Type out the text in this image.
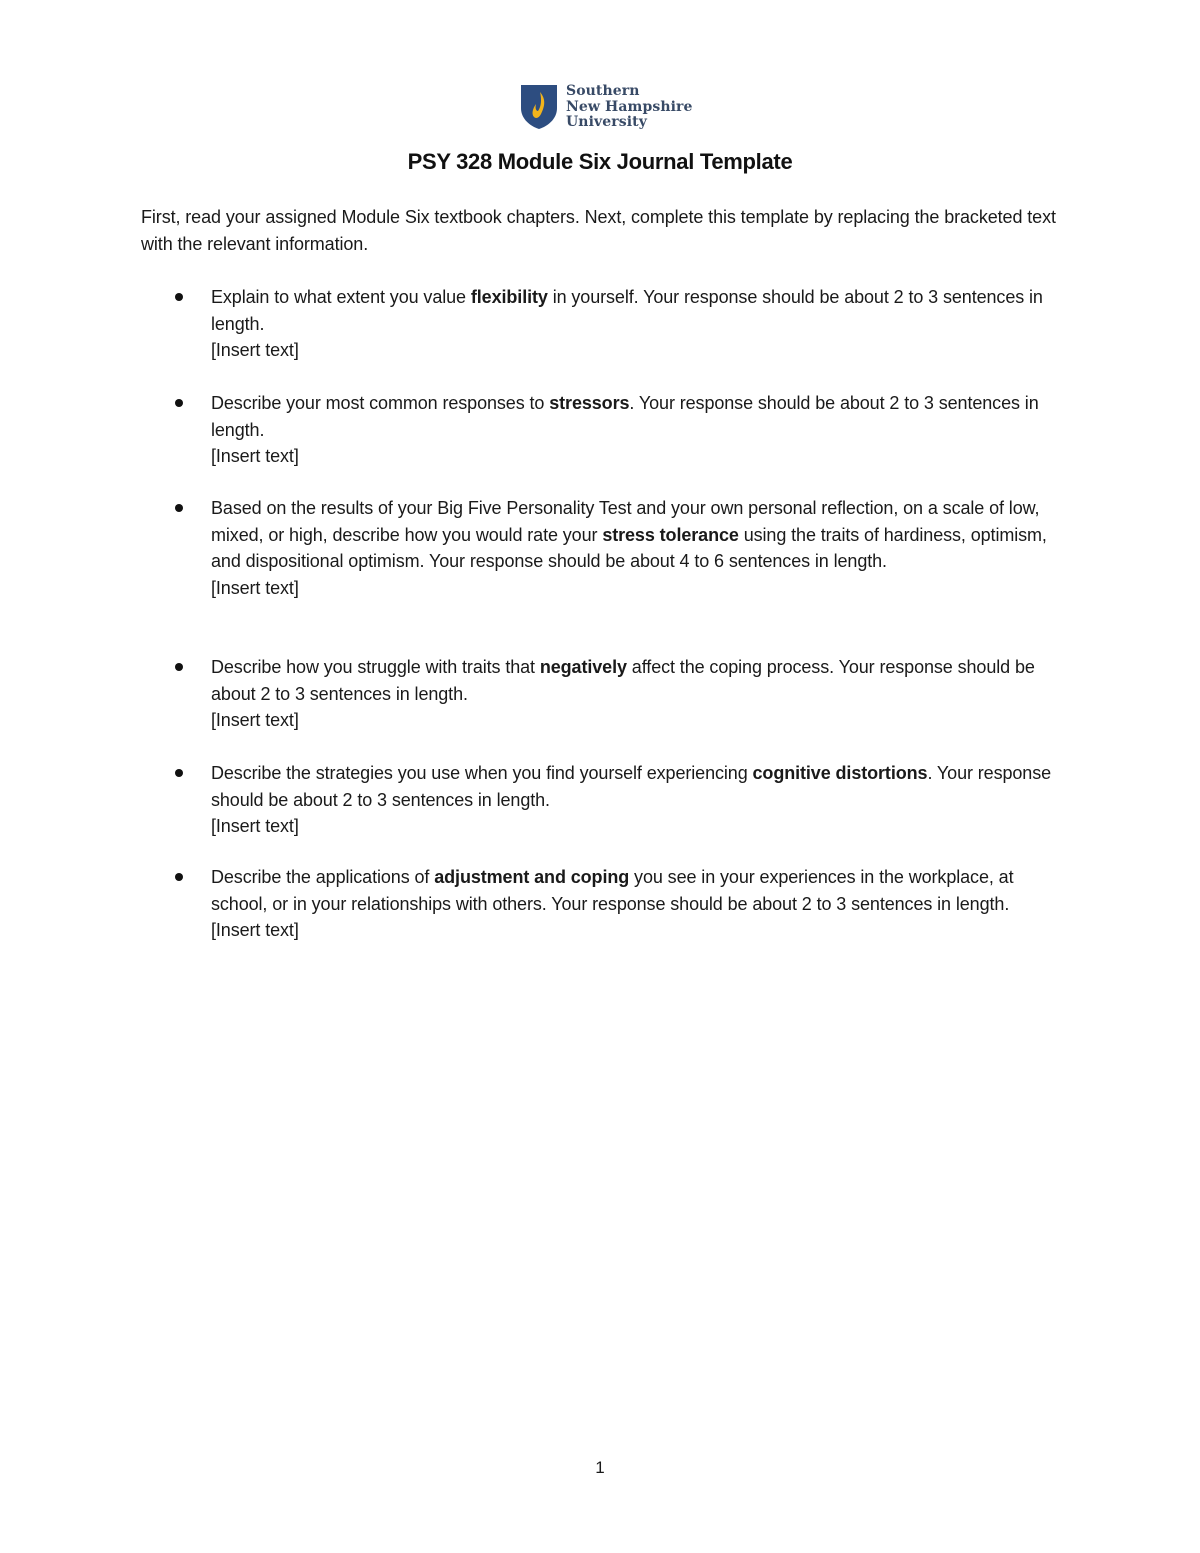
Southern
New Hampshire
University
PSY 328 Module Six Journal Template
First, read your assigned Module Six textbook chapters. Next, complete this template by replacing the bracketed text with the relevant information.
Explain to what extent you value flexibility in yourself. Your response should be about 2 to 3 sentences in length.
[Insert text]
Describe your most common responses to stressors. Your response should be about 2 to 3 sentences in length.
[Insert text]
Based on the results of your Big Five Personality Test and your own personal reflection, on a scale of low, mixed, or high, describe how you would rate your stress tolerance using the traits of hardiness, optimism, and dispositional optimism. Your response should be about 4 to 6 sentences in length.
[Insert text]
Describe how you struggle with traits that negatively affect the coping process. Your response should be about 2 to 3 sentences in length.
[Insert text]
Describe the strategies you use when you find yourself experiencing cognitive distortions. Your response should be about 2 to 3 sentences in length.
[Insert text]
Describe the applications of adjustment and coping you see in your experiences in the workplace, at school, or in your relationships with others. Your response should be about 2 to 3 sentences in length.
[Insert text]
1
